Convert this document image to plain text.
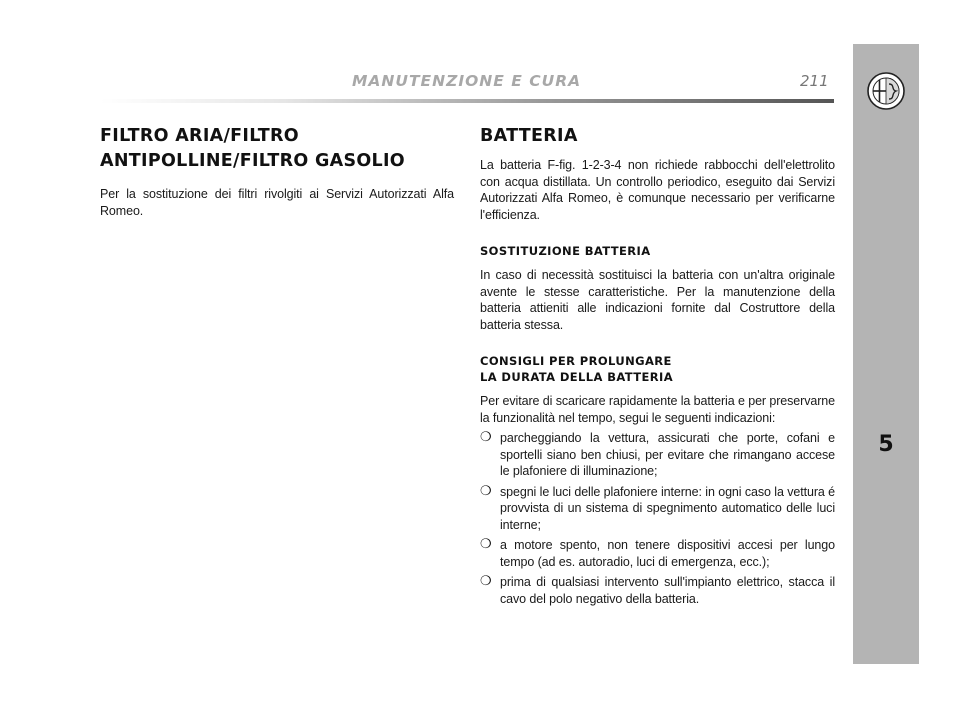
MANUTENZIONE E CURA	211
5
FILTRO ARIA/FILTRO ANTIPOLLINE/FILTRO GASOLIO

Per la sostituzione dei filtri rivolgiti ai Servizi Autorizzati Alfa Romeo.

BATTERIA

La batteria F-fig. 1-2-3-4 non richiede rabbocchi dell'elettrolito con acqua distillata. Un controllo periodico, eseguito dai Servizi Autorizzati Alfa Romeo, è comunque necessario per verificarne l'efficienza.

SOSTITUZIONE BATTERIA

In caso di necessità sostituisci la batteria con un'altra originale avente le stesse caratteristiche. Per la manutenzione della batteria attieniti alle indicazioni fornite dal Costruttore della batteria stessa.

CONSIGLI PER PROLUNGARE
LA DURATA DELLA BATTERIA

Per evitare di scaricare rapidamente la batteria e per preservarne la funzionalità nel tempo, segui le seguenti indicazioni:

❍ parcheggiando la vettura, assicurati che porte, cofani e sportelli siano ben chiusi, per evitare che rimangano accese le plafoniere di illuminazione;
❍ spegni le luci delle plafoniere interne: in ogni caso la vettura é provvista di un sistema di spegnimento automatico delle luci interne;
❍ a motore spento, non tenere dispositivi accesi per lungo tempo (ad es. autoradio, luci di emergenza, ecc.);
❍ prima di qualsiasi intervento sull'impianto elettrico, stacca il cavo del polo negativo della batteria.
